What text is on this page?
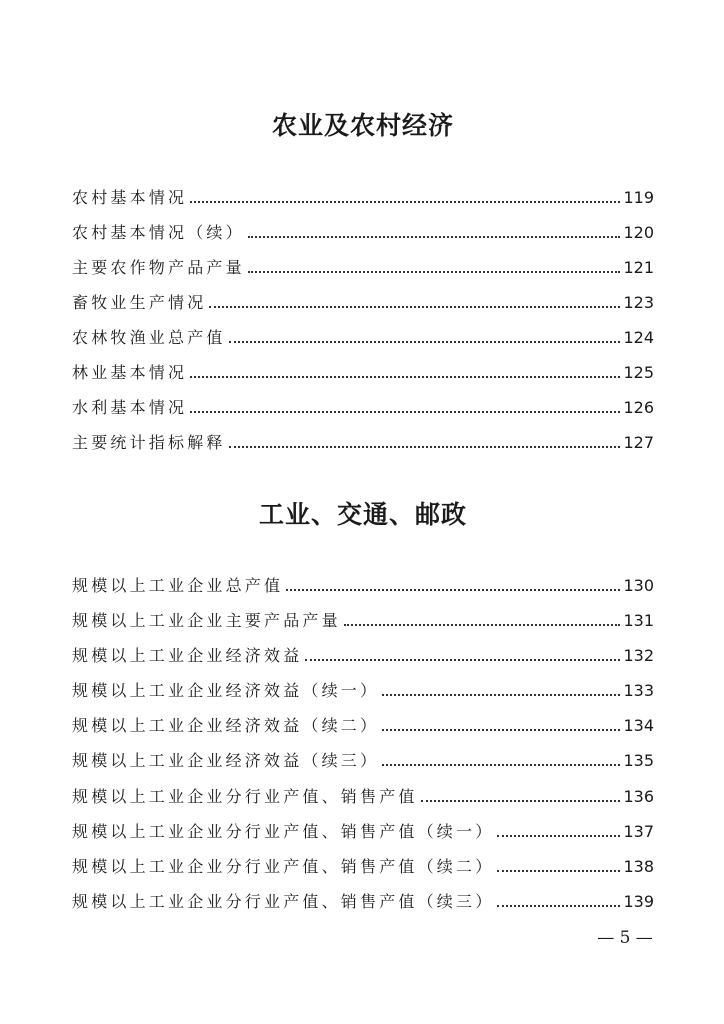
农业及农村经济
农村基本情况	119
农村基本情况（续）	120
主要农作物产品产量	121
畜牧业生产情况	123
农林牧渔业总产值	124
林业基本情况	125
水利基本情况	126
主要统计指标解释	127
工业、交通、邮政
规模以上工业企业总产值	130
规模以上工业企业主要产品产量	131
规模以上工业企业经济效益	132
规模以上工业企业经济效益（续一）	133
规模以上工业企业经济效益（续二）	134
规模以上工业企业经济效益（续三）	135
规模以上工业企业分行业产值、销售产值	136
规模以上工业企业分行业产值、销售产值（续一）	137
规模以上工业企业分行业产值、销售产值（续二）	138
规模以上工业企业分行业产值、销售产值（续三）	139
— 5 —
